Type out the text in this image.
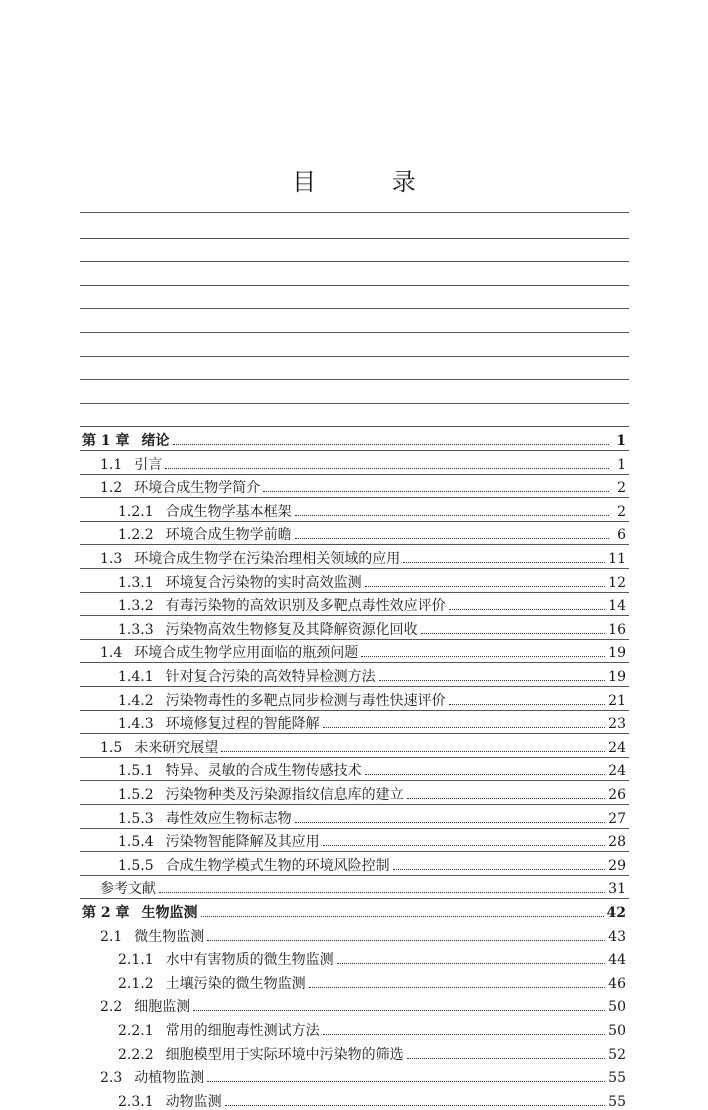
目 录
第 1 章 绪论	1
1.1 引言	1
1.2 环境合成生物学简介	2
1.2.1 合成生物学基本框架	2
1.2.2 环境合成生物学前瞻	6
1.3 环境合成生物学在污染治理相关领域的应用	11
1.3.1 环境复合污染物的实时高效监测	12
1.3.2 有毒污染物的高效识别及多靶点毒性效应评价	14
1.3.3 污染物高效生物修复及其降解资源化回收	16
1.4 环境合成生物学应用面临的瓶颈问题	19
1.4.1 针对复合污染的高效特异检测方法	19
1.4.2 污染物毒性的多靶点同步检测与毒性快速评价	21
1.4.3 环境修复过程的智能降解	23
1.5 未来研究展望	24
1.5.1 特异、灵敏的合成生物传感技术	24
1.5.2 污染物种类及污染源指纹信息库的建立	26
1.5.3 毒性效应生物标志物	27
1.5.4 污染物智能降解及其应用	28
1.5.5 合成生物学模式生物的环境风险控制	29
参考文献	31
第 2 章 生物监测	42
2.1 微生物监测	43
2.1.1 水中有害物质的微生物监测	44
2.1.2 土壤污染的微生物监测	46
2.2 细胞监测	50
2.2.1 常用的细胞毒性测试方法	50
2.2.2 细胞模型用于实际环境中污染物的筛选	52
2.3 动植物监测	55
2.3.1 动物监测	55
